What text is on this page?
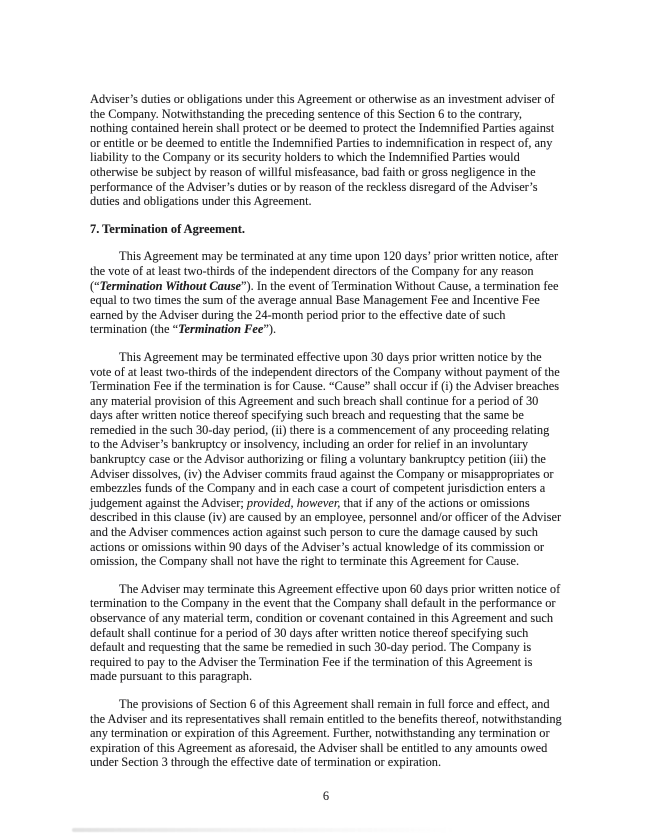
Adviser’s duties or obligations under this Agreement or otherwise as an investment adviser of the Company. Notwithstanding the preceding sentence of this Section 6 to the contrary, nothing contained herein shall protect or be deemed to protect the Indemnified Parties against or entitle or be deemed to entitle the Indemnified Parties to indemnification in respect of, any liability to the Company or its security holders to which the Indemnified Parties would otherwise be subject by reason of willful misfeasance, bad faith or gross negligence in the performance of the Adviser’s duties or by reason of the reckless disregard of the Adviser’s duties and obligations under this Agreement.

7. Termination of Agreement.

This Agreement may be terminated at any time upon 120 days’ prior written notice, after the vote of at least two-thirds of the independent directors of the Company for any reason (“Termination Without Cause”). In the event of Termination Without Cause, a termination fee equal to two times the sum of the average annual Base Management Fee and Incentive Fee earned by the Adviser during the 24-month period prior to the effective date of such termination (the “Termination Fee”).

This Agreement may be terminated effective upon 30 days prior written notice by the vote of at least two-thirds of the independent directors of the Company without payment of the Termination Fee if the termination is for Cause. “Cause” shall occur if (i) the Adviser breaches any material provision of this Agreement and such breach shall continue for a period of 30 days after written notice thereof specifying such breach and requesting that the same be remedied in the such 30-day period, (ii) there is a commencement of any proceeding relating to the Adviser’s bankruptcy or insolvency, including an order for relief in an involuntary bankruptcy case or the Advisor authorizing or filing a voluntary bankruptcy petition (iii) the Adviser dissolves, (iv) the Adviser commits fraud against the Company or misappropriates or embezzles funds of the Company and in each case a court of competent jurisdiction enters a judgement against the Adviser; provided, however, that if any of the actions or omissions described in this clause (iv) are caused by an employee, personnel and/or officer of the Adviser and the Adviser commences action against such person to cure the damage caused by such actions or omissions within 90 days of the Adviser’s actual knowledge of its commission or omission, the Company shall not have the right to terminate this Agreement for Cause.

The Adviser may terminate this Agreement effective upon 60 days prior written notice of termination to the Company in the event that the Company shall default in the performance or observance of any material term, condition or covenant contained in this Agreement and such default shall continue for a period of 30 days after written notice thereof specifying such default and requesting that the same be remedied in such 30-day period. The Company is required to pay to the Adviser the Termination Fee if the termination of this Agreement is made pursuant to this paragraph.

The provisions of Section 6 of this Agreement shall remain in full force and effect, and the Adviser and its representatives shall remain entitled to the benefits thereof, notwithstanding any termination or expiration of this Agreement. Further, notwithstanding any termination or expiration of this Agreement as aforesaid, the Adviser shall be entitled to any amounts owed under Section 3 through the effective date of termination or expiration.

6
